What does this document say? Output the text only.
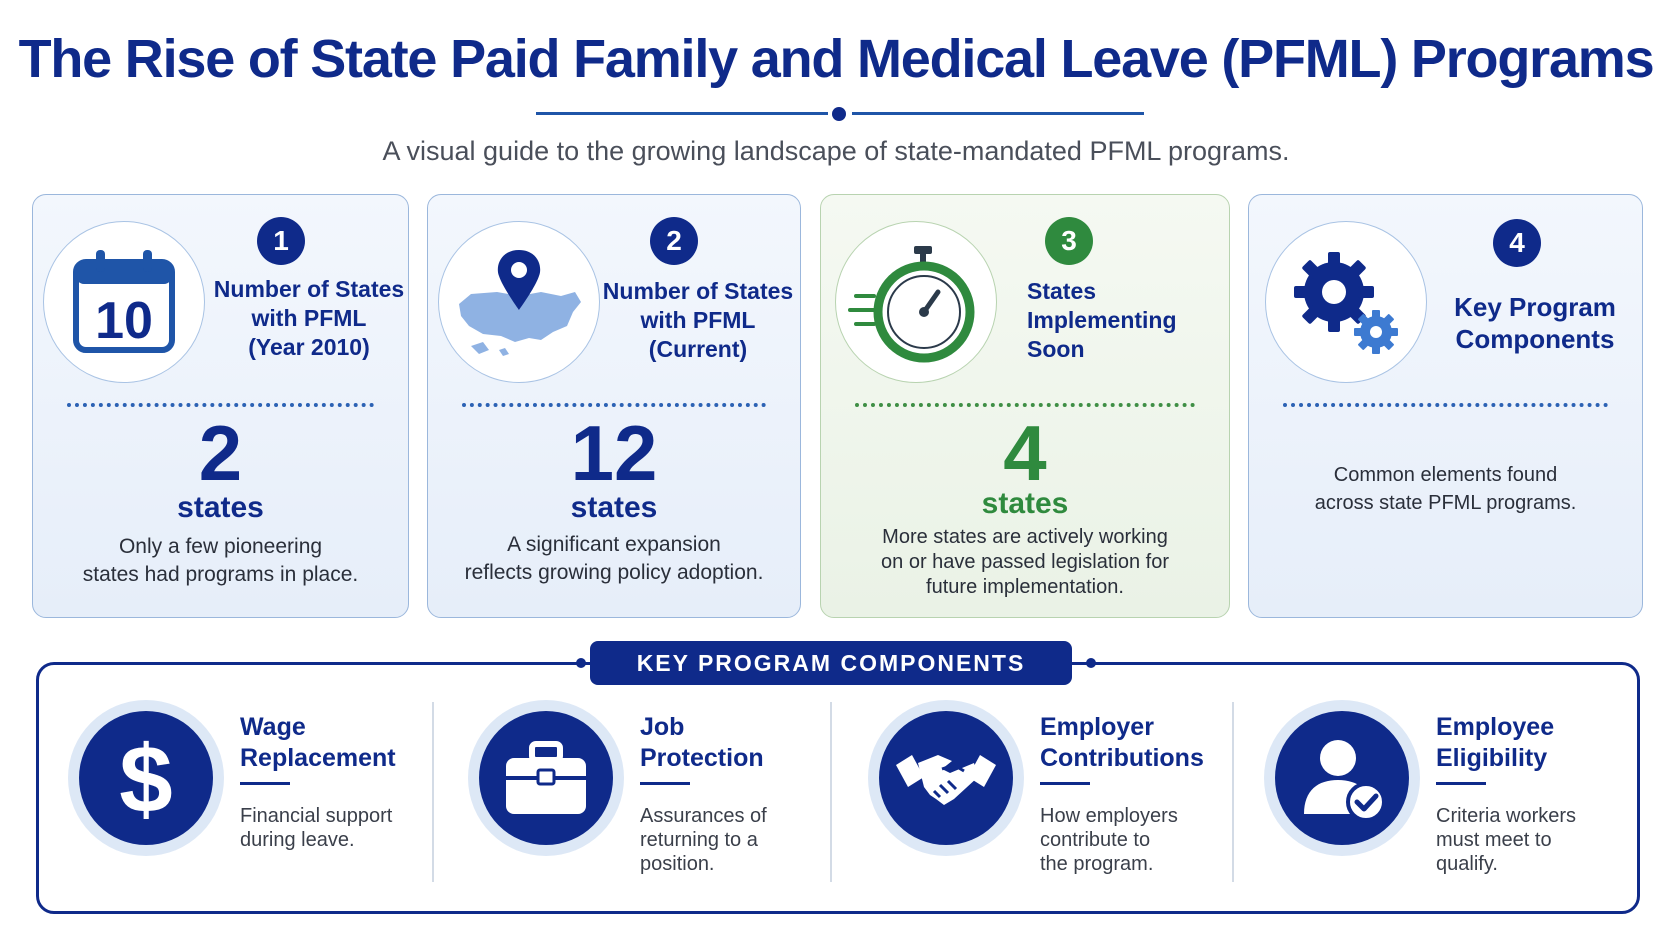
The Rise of State Paid Family and Medical Leave (PFML) Programs
A visual guide to the growing landscape of state-mandated PFML programs.
10
1
Number of States
with PFML
(Year 2010)
2
states
Only a few pioneering
states had programs in place.
2
Number of States
with PFML
(Current)
12
states
A significant expansion
reflects growing policy adoption.
3
States
Implementing
Soon
4
states
More states are actively working
on or have passed legislation for
future implementation.
4
Key Program
Components
Common elements found
across state PFML programs.
KEY PROGRAM COMPONENTS
$	Wage
Replacement
Financial support
during leave.
Job
Protection
Assurances of
returning to a
position.
Employer
Contributions
How employers
contribute to
the program.
Employee
Eligibility
Criteria workers
must meet to
qualify.
